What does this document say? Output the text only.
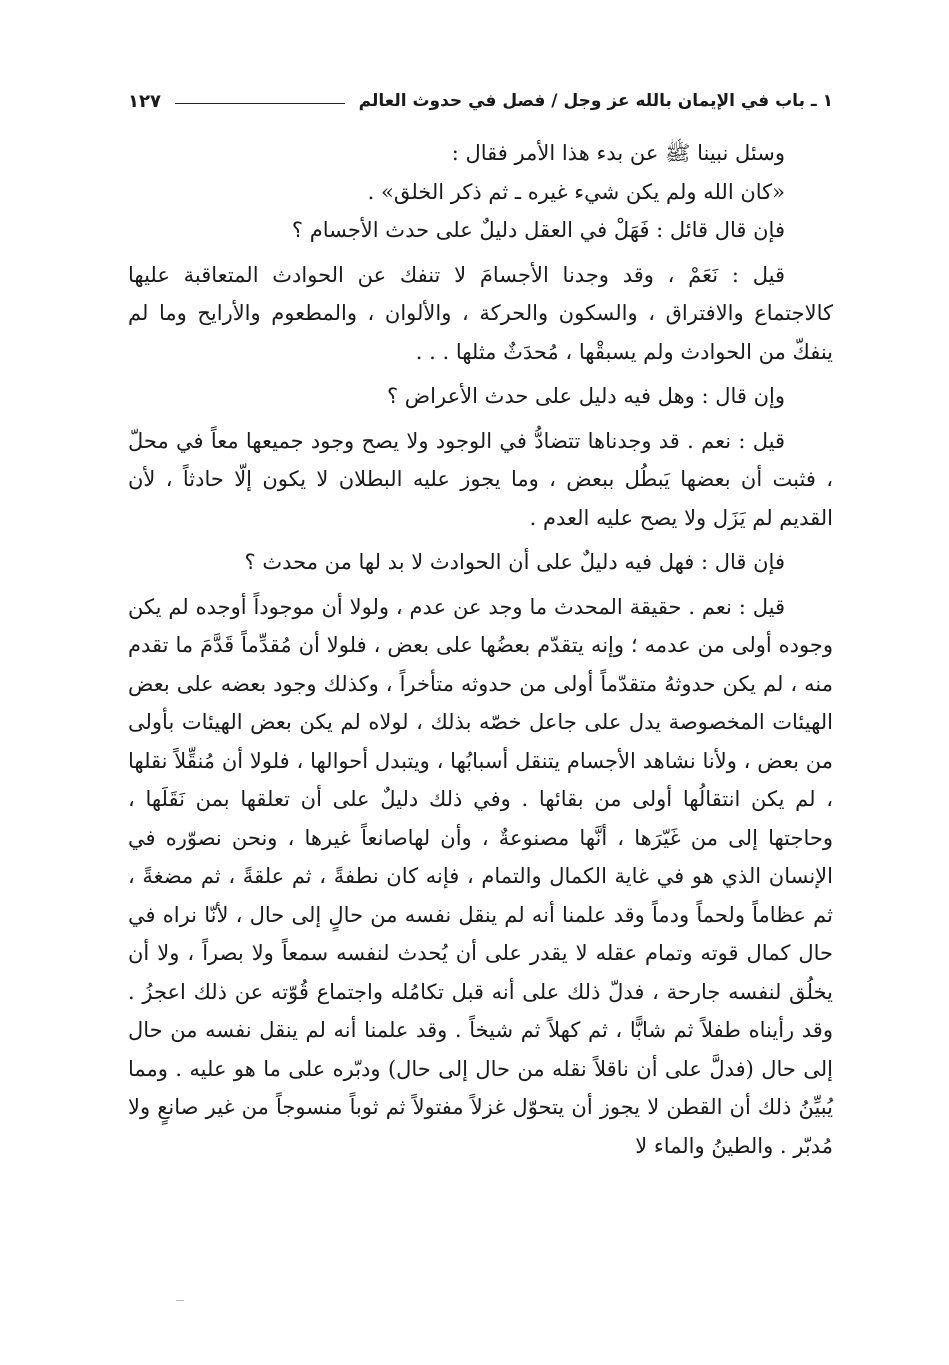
١ ـ باب في الإيمان بالله عز وجل / فصل في حدوث العالم
١٢٧

وسئل نبينا ﷺ عن بدء هذا الأمر فقال :

«كان الله ولم يكن شيء غيره ـ ثم ذكر الخلق» .

فإن قال قائل : فَهَلْ في العقل دليلٌ على حدث الأجسام ؟

قيل : نَعَمْ ، وقد وجدنا الأجسامَ لا تنفك عن الحوادث المتعاقبة عليها كالاجتماع والافتراق ، والسكون والحركة ، والألوان ، والمطعوم والأرايح وما لم ينفكّ من الحوادث ولم يسبقْها ، مُحدَثٌ مثلها . . .

وإن قال : وهل فيه دليل على حدث الأعراض ؟

قيل : نعم . قد وجدناها تتضادُّ في الوجود ولا يصح وجود جميعها معاً في محلّ ، فثبت أن بعضها يَبطُل ببعض ، وما يجوز عليه البطلان لا يكون إلّا حادثاً ، لأن القديم لم يَزَل ولا يصح عليه العدم .

فإن قال : فهل فيه دليلٌ على أن الحوادث لا بد لها من محدث ؟

قيل : نعم . حقيقة المحدث ما وجد عن عدم ، ولولا أن موجوداً أوجده لم يكن وجوده أولى من عدمه ؛ وإنه يتقدّم بعضُها على بعض ، فلولا أن مُقدِّماً قَدَّمَ ما تقدم منه ، لم يكن حدوثهُ متقدّماً أولى من حدوثه متأخراً ، وكذلك وجود بعضه على بعض الهيئات المخصوصة يدل على جاعل خصّه بذلك ، لولاه لم يكن بعض الهيئات بأولى من بعض ، ولأنا نشاهد الأجسام يتنقل أسبابُها ، ويتبدل أحوالها ، فلولا أن مُنقِّلاً نقلها ، لم يكن انتقالُها أولى من بقائها . وفي ذلك دليلٌ على أن تعلقها بمن نَقَلَها ، وحاجتها إلى من غَيّرَها ، أنَّها مصنوعةٌ ، وأن لهاصانعاً غيرها ، ونحن نصوّره في الإنسان الذي هو في غاية الكمال والتمام ، فإنه كان نطفةً ، ثم علقةً ، ثم مضغةً ، ثم عظاماً ولحماً ودماً وقد علمنا أنه لم ينقل نفسه من حالٍ إلى حال ، لأنّا نراه في حال كمال قوته وتمام عقله لا يقدر على أن يُحدث لنفسه سمعاً ولا بصراً ، ولا أن يخلُق لنفسه جارحة ، فدلّ ذلك على أنه قبل تكامُله واجتماع قُوّته عن ذلك اعجزُ . وقد رأيناه طفلاً ثم شابًّا ، ثم كهلاً ثم شيخاً . وقد علمنا أنه لم ينقل نفسه من حال إلى حال (فدلَّ على أن ناقلاً نقله من حال إلى حال) ودبّره على ما هو عليه . ومما يُبيِّنُ ذلك أن القطن لا يجوز أن يتحوّل غزلاً مفتولاً ثم ثوباً منسوجاً من غير صانعٍ ولا مُدبّر . والطينُ والماء لا
